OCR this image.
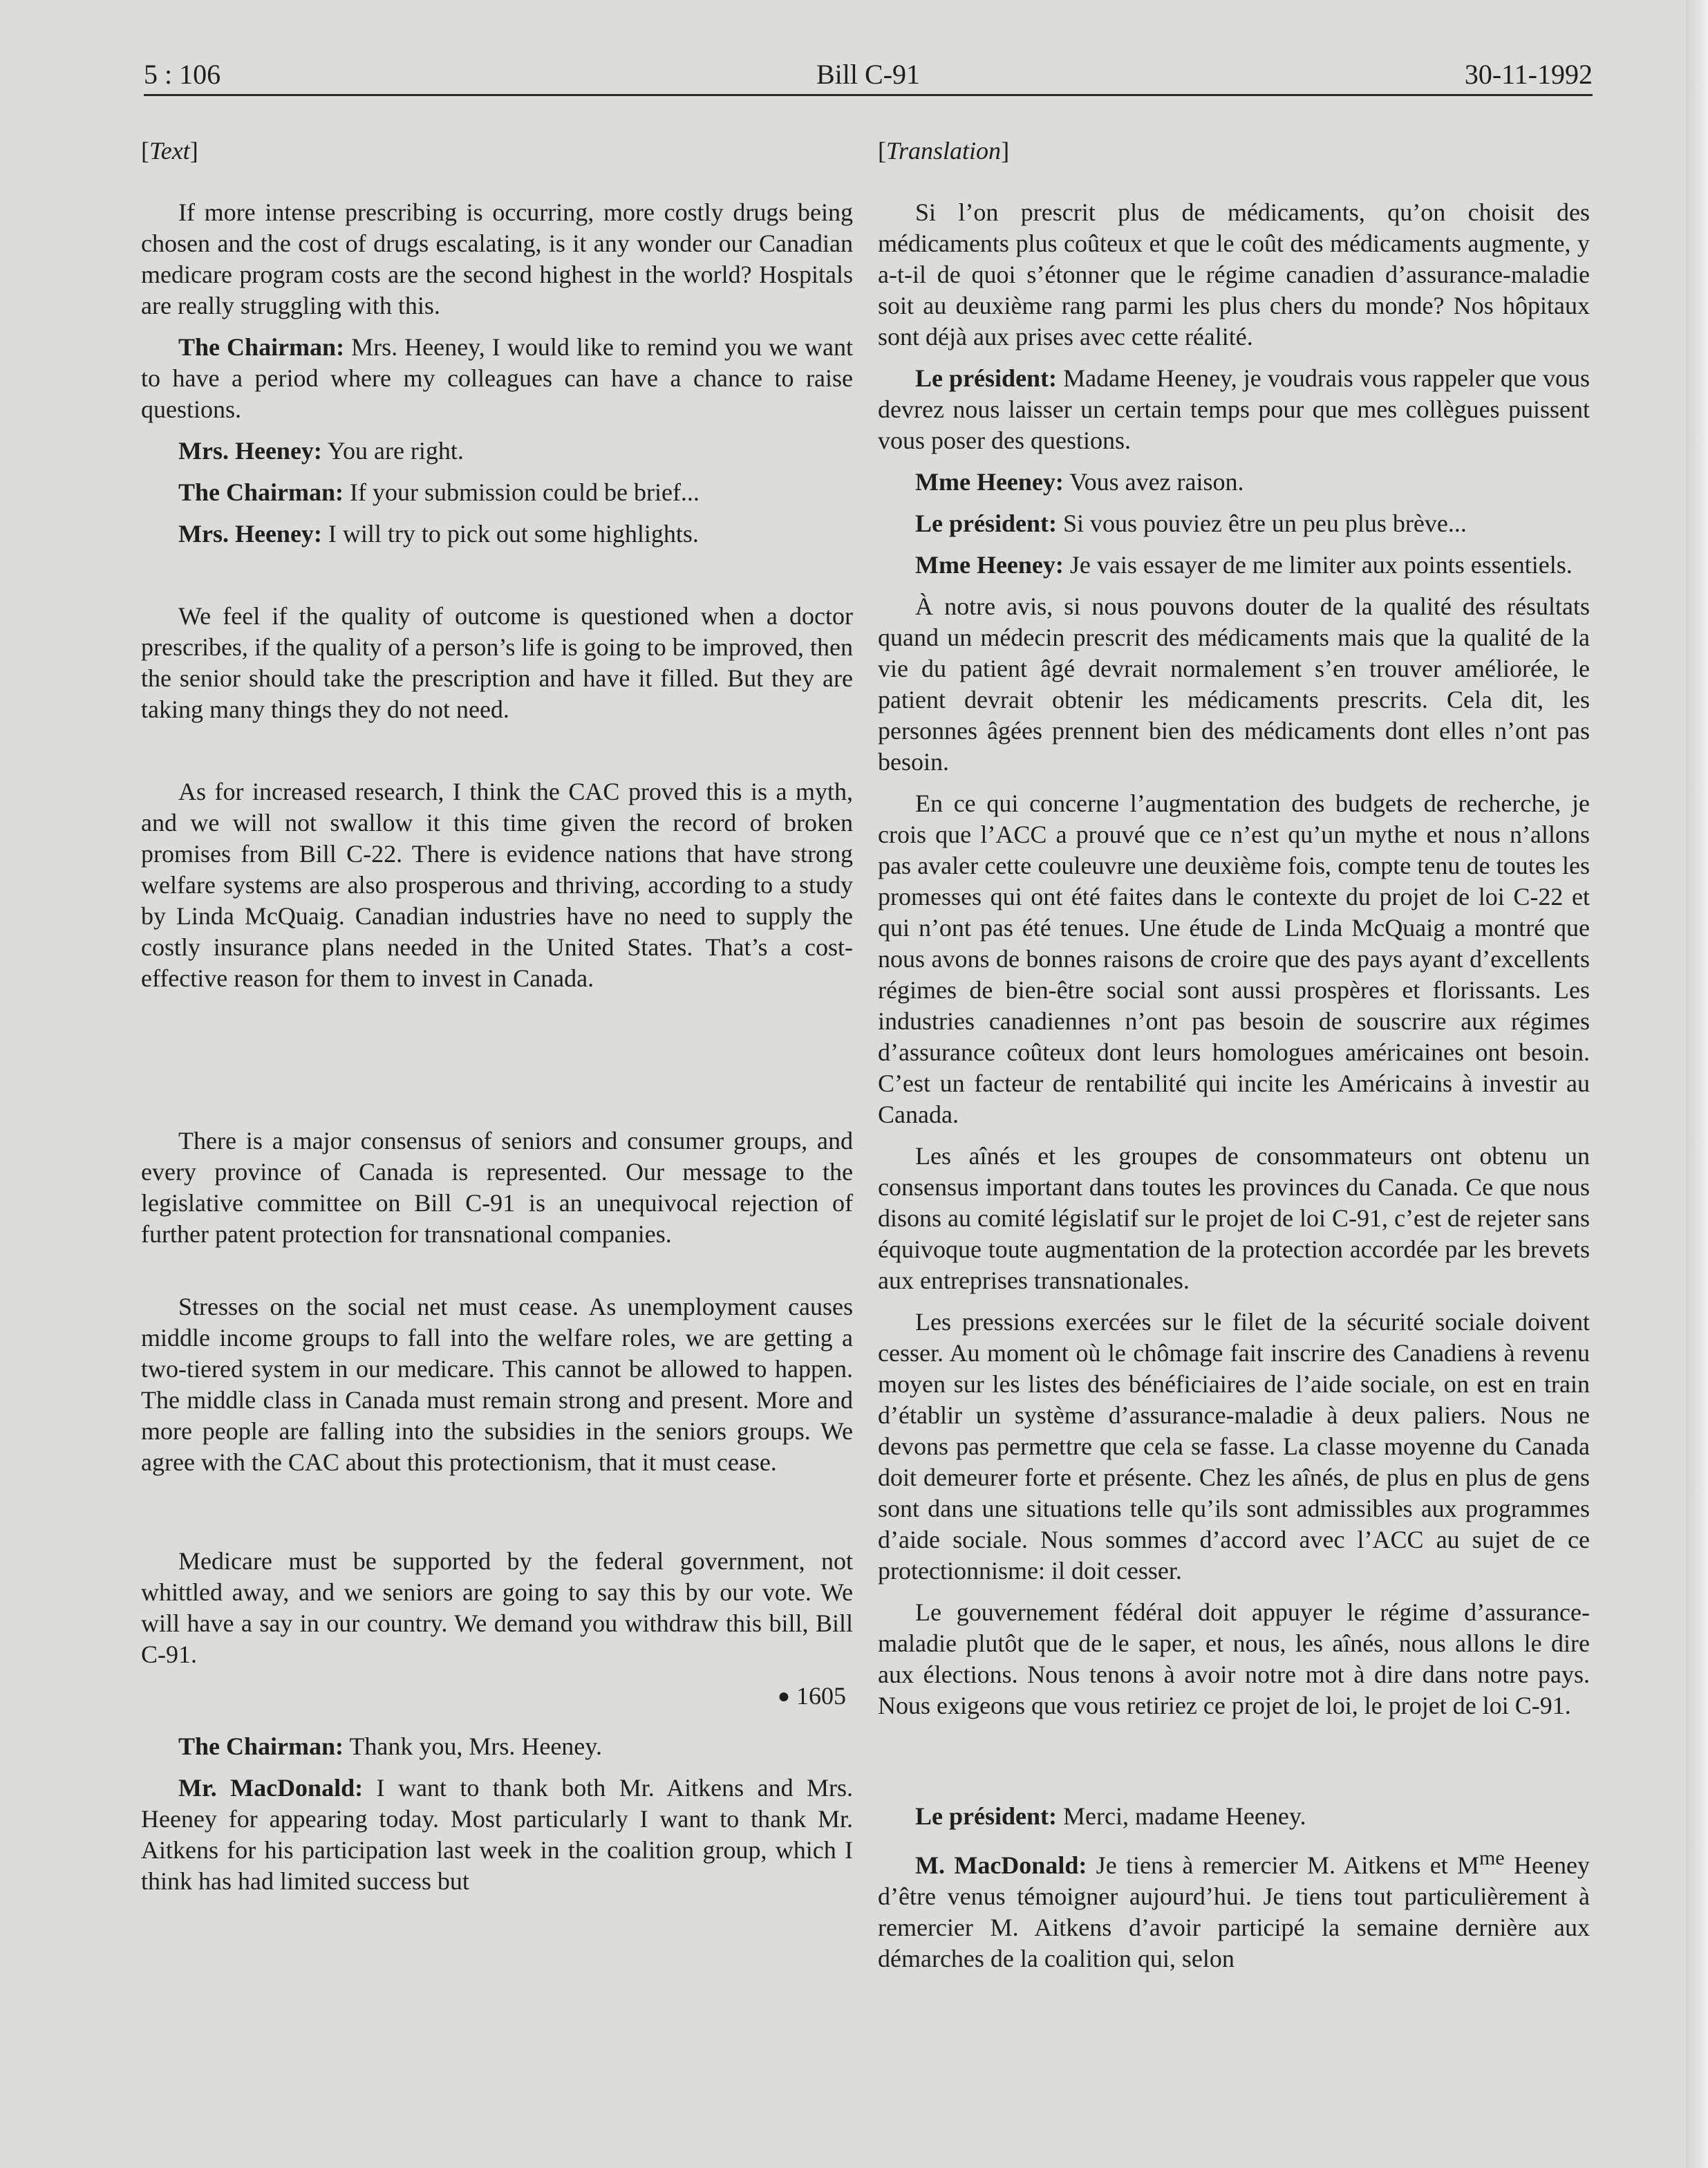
5 : 106	Bill C-91	30-11-1992
[Text]

If more intense prescribing is occurring, more costly drugs being chosen and the cost of drugs escalating, is it any wonder our Canadian medicare program costs are the second highest in the world? Hospitals are really struggling with this.

The Chairman: Mrs. Heeney, I would like to remind you we want to have a period where my colleagues can have a chance to raise questions.

Mrs. Heeney: You are right.

The Chairman: If your submission could be brief...

Mrs. Heeney: I will try to pick out some highlights.

We feel if the quality of outcome is questioned when a doctor prescribes, if the quality of a person’s life is going to be improved, then the senior should take the prescription and have it filled. But they are taking many things they do not need.

As for increased research, I think the CAC proved this is a myth, and we will not swallow it this time given the record of broken promises from Bill C-22. There is evidence nations that have strong welfare systems are also prosperous and thriving, according to a study by Linda McQuaig. Canadian industries have no need to supply the costly insurance plans needed in the United States. That’s a cost-effective reason for them to invest in Canada.

There is a major consensus of seniors and consumer groups, and every province of Canada is represented. Our message to the legislative committee on Bill C-91 is an unequivocal rejection of further patent protection for transnational companies.

Stresses on the social net must cease. As unemployment causes middle income groups to fall into the welfare roles, we are getting a two-tiered system in our medicare. This cannot be allowed to happen. The middle class in Canada must remain strong and present. More and more people are falling into the subsidies in the seniors groups. We agree with the CAC about this protectionism, that it must cease.

Medicare must be supported by the federal government, not whittled away, and we seniors are going to say this by our vote. We will have a say in our country. We demand you withdraw this bill, Bill C-91.

● 1605

The Chairman: Thank you, Mrs. Heeney.

Mr. MacDonald: I want to thank both Mr. Aitkens and Mrs. Heeney for appearing today. Most particularly I want to thank Mr. Aitkens for his participation last week in the coalition group, which I think has had limited success but

[Translation]

Si l’on prescrit plus de médicaments, qu’on choisit des médicaments plus coûteux et que le coût des médicaments augmente, y a-t-il de quoi s’étonner que le régime canadien d’assurance-maladie soit au deuxième rang parmi les plus chers du monde? Nos hôpitaux sont déjà aux prises avec cette réalité.

Le président: Madame Heeney, je voudrais vous rappeler que vous devrez nous laisser un certain temps pour que mes collègues puissent vous poser des questions.

Mme Heeney: Vous avez raison.

Le président: Si vous pouviez être un peu plus brève...

Mme Heeney: Je vais essayer de me limiter aux points essentiels.

À notre avis, si nous pouvons douter de la qualité des résultats quand un médecin prescrit des médicaments mais que la qualité de la vie du patient âgé devrait normalement s’en trouver améliorée, le patient devrait obtenir les médicaments prescrits. Cela dit, les personnes âgées prennent bien des médicaments dont elles n’ont pas besoin.

En ce qui concerne l’augmentation des budgets de recherche, je crois que l’ACC a prouvé que ce n’est qu’un mythe et nous n’allons pas avaler cette couleuvre une deuxième fois, compte tenu de toutes les promesses qui ont été faites dans le contexte du projet de loi C-22 et qui n’ont pas été tenues. Une étude de Linda McQuaig a montré que nous avons de bonnes raisons de croire que des pays ayant d’excellents régimes de bien-être social sont aussi prospères et florissants. Les industries canadiennes n’ont pas besoin de souscrire aux régimes d’assurance coûteux dont leurs homologues américaines ont besoin. C’est un facteur de rentabilité qui incite les Américains à investir au Canada.

Les aînés et les groupes de consommateurs ont obtenu un consensus important dans toutes les provinces du Canada. Ce que nous disons au comité législatif sur le projet de loi C-91, c’est de rejeter sans équivoque toute augmentation de la protection accordée par les brevets aux entreprises transnationales.

Les pressions exercées sur le filet de la sécurité sociale doivent cesser. Au moment où le chômage fait inscrire des Canadiens à revenu moyen sur les listes des bénéficiaires de l’aide sociale, on est en train d’établir un système d’assurance-maladie à deux paliers. Nous ne devons pas permettre que cela se fasse. La classe moyenne du Canada doit demeurer forte et présente. Chez les aînés, de plus en plus de gens sont dans une situations telle qu’ils sont admissibles aux programmes d’aide sociale. Nous sommes d’accord avec l’ACC au sujet de ce protectionnisme: il doit cesser.

Le gouvernement fédéral doit appuyer le régime d’assurance-maladie plutôt que de le saper, et nous, les aînés, nous allons le dire aux élections. Nous tenons à avoir notre mot à dire dans notre pays. Nous exigeons que vous retiriez ce projet de loi, le projet de loi C-91.

Le président: Merci, madame Heeney.

M. MacDonald: Je tiens à remercier M. Aitkens et $M^{me}$ Heeney d’être venus témoigner aujourd’hui. Je tiens tout particulièrement à remercier M. Aitkens d’avoir participé la semaine dernière aux démarches de la coalition qui, selon
